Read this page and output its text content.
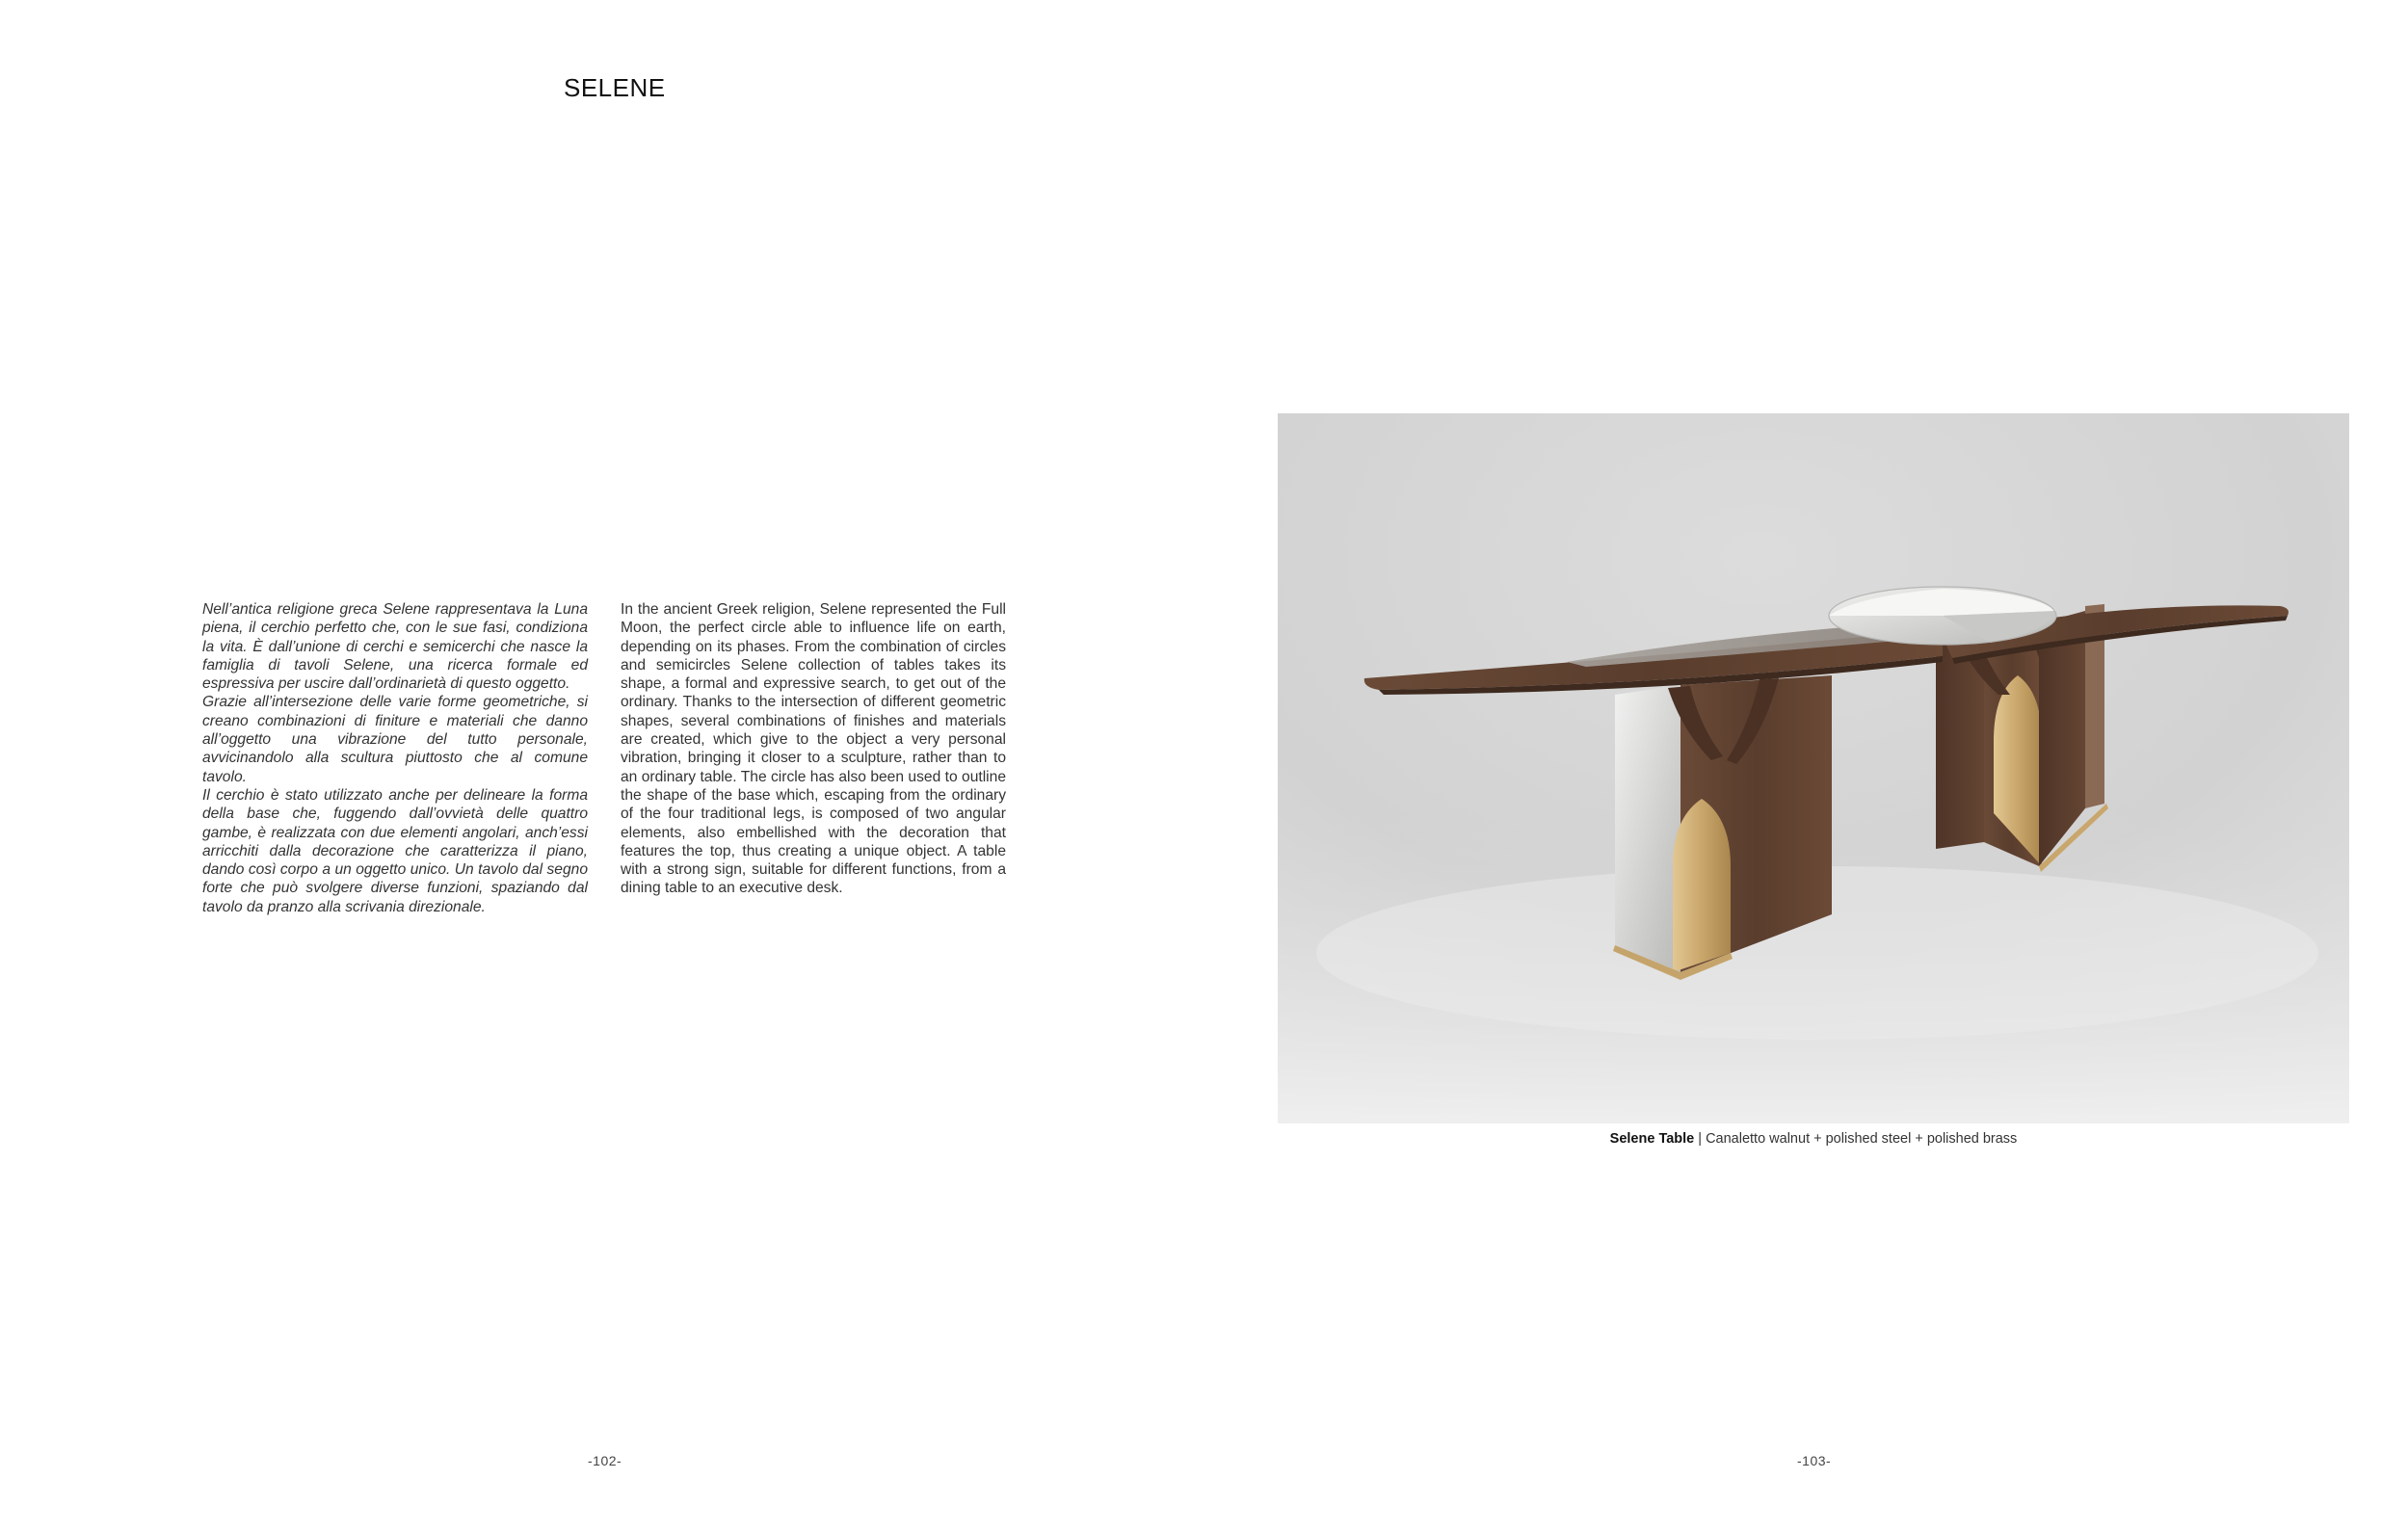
SELENE

Nell’antica religione greca Selene rappresentava la Luna piena, il cerchio perfetto che, con le sue fasi, condiziona la vita. È dall’unione di cerchi e semicerchi che nasce la famiglia di tavoli Selene, una ricerca formale ed espressiva per uscire dall’ordinarietà di questo oggetto.

Grazie all’intersezione delle varie forme geometriche, si creano combinazioni di finiture e materiali che danno all’oggetto una vibrazione del tutto personale, avvicinandolo alla scultura piuttosto che al comune tavolo.

Il cerchio è stato utilizzato anche per delineare la forma della base che, fuggendo dall’ovvietà delle quattro gambe, è realizzata con due elementi angolari, anch’essi arricchiti dalla decorazione che caratterizza il piano, dando così corpo a un oggetto unico. Un tavolo dal segno forte che può svolgere diverse funzioni, spaziando dal tavolo da pranzo alla scrivania direzionale.

In the ancient Greek religion, Selene represented the Full Moon, the perfect circle able to influence life on earth, depending on its phases. From the combination of circles and semicircles Selene collection of tables takes its shape, a formal and expressive search, to get out of the ordinary. Thanks to the intersection of different geometric shapes, several combinations of finishes and materials are created, which give to the object a very personal vibration, bringing it closer to a sculpture, rather than to an ordinary table. The circle has also been used to outline the shape of the base which, escaping from the ordinary of the four traditional legs, is composed of two angular elements, also embellished with the decoration that features the top, thus creating a unique object. A table with a strong sign, suitable for different functions, from a dining table to an executive desk.

-102-
Selene Table | Canaletto walnut + polished steel + polished brass
-103-
